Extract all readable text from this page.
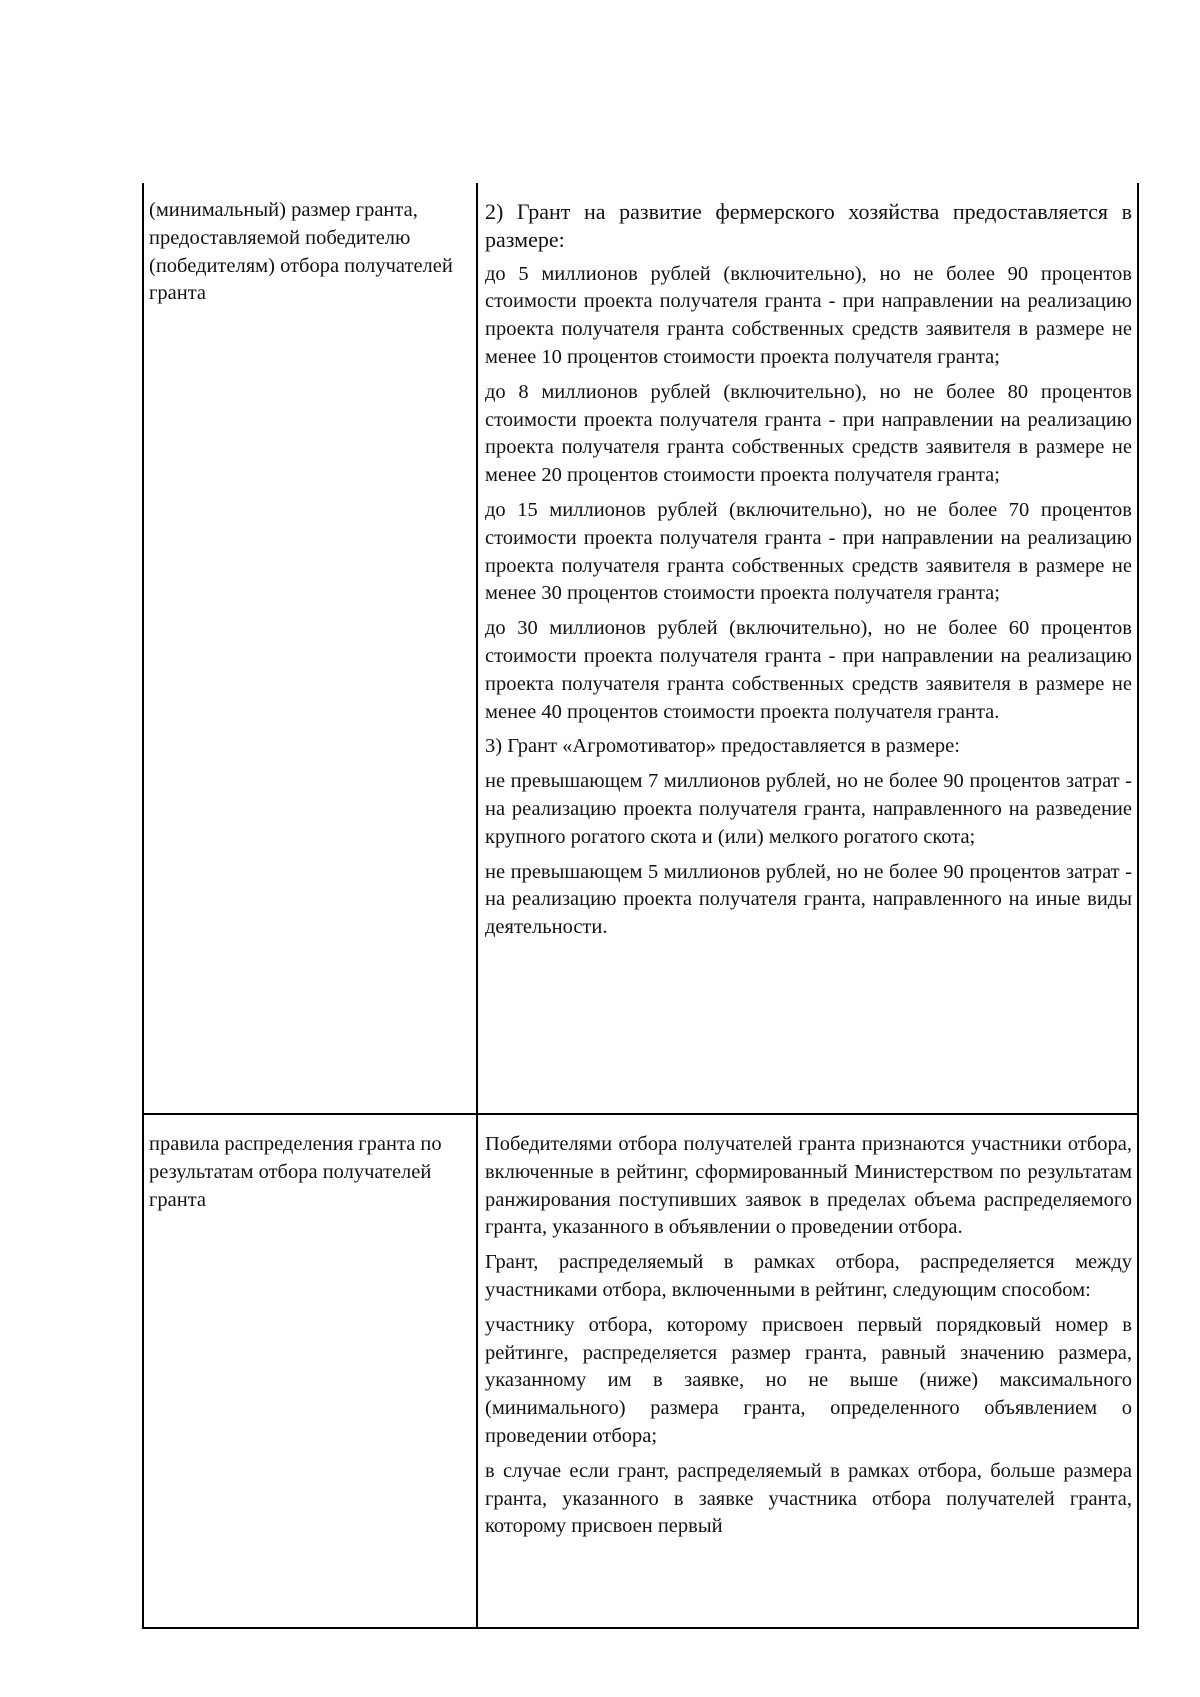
(минимальный) размер гранта, предоставляемой победителю (победителям) отбора получателей гранта

2) Грант на развитие фермерского хозяйства предоставляется в размере:

до 5 миллионов рублей (включительно), но не более 90 процентов стоимости проекта получателя гранта - при направлении на реализацию проекта получателя гранта собственных средств заявителя в размере не менее 10 процентов стоимости проекта получателя гранта;

до 8 миллионов рублей (включительно), но не более 80 процентов стоимости проекта получателя гранта - при направлении на реализацию проекта получателя гранта собственных средств заявителя в размере не менее 20 процентов стоимости проекта получателя гранта;

до 15 миллионов рублей (включительно), но не более 70 процентов стоимости проекта получателя гранта - при направлении на реализацию проекта получателя гранта собственных средств заявителя в размере не менее 30 процентов стоимости проекта получателя гранта;

до 30 миллионов рублей (включительно), но не более 60 процентов стоимости проекта получателя гранта - при направлении на реализацию проекта получателя гранта собственных средств заявителя в размере не менее 40 процентов стоимости проекта получателя гранта.

3) Грант «Агромотиватор» предоставляется в размере:

не превышающем 7 миллионов рублей, но не более 90 процентов затрат - на реализацию проекта получателя гранта, направленного на разведение крупного рогатого скота и (или) мелкого рогатого скота;

не превышающем 5 миллионов рублей, но не более 90 процентов затрат - на реализацию проекта получателя гранта, направленного на иные виды деятельности.

правила распределения гранта по результатам отбора получателей гранта

Победителями отбора получателей гранта признаются участники отбора, включенные в рейтинг, сформированный Министерством по результатам ранжирования поступивших заявок в пределах объема распределяемого гранта, указанного в объявлении о проведении отбора.

Грант, распределяемый в рамках отбора, распределяется между участниками отбора, включенными в рейтинг, следующим способом:

участнику отбора, которому присвоен первый порядковый номер в рейтинге, распределяется размер гранта, равный значению размера, указанному им в заявке, но не выше (ниже) максимального (минимального) размера гранта, определенного объявлением о проведении отбора;

в случае если грант, распределяемый в рамках отбора, больше размера гранта, указанного в заявке участника отбора получателей гранта, которому присвоен первый
